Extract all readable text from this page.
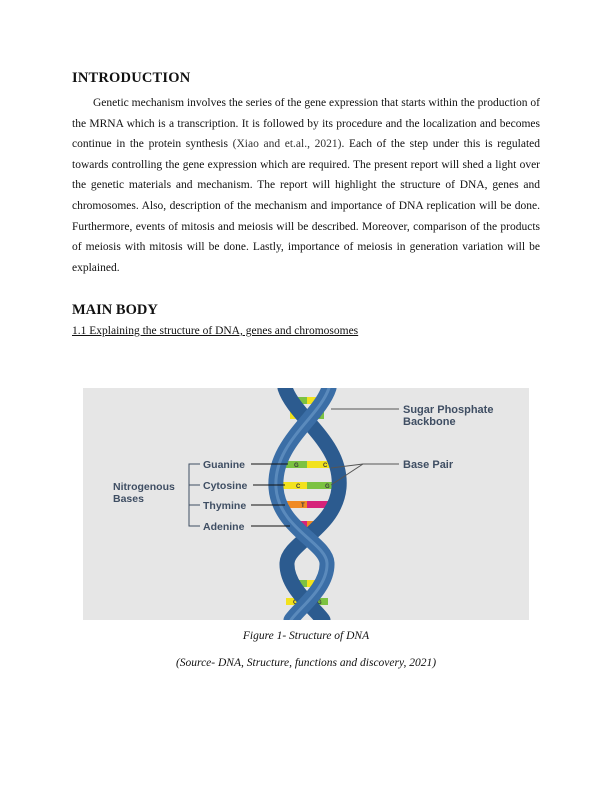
INTRODUCTION

Genetic mechanism involves the series of the gene expression that starts within the production of the MRNA which is a transcription. It is followed by its procedure and the localization and becomes continue in the protein synthesis (Xiao and et.al., 2021). Each of the step under this is regulated towards controlling the gene expression which are required. The present report will shed a light over the genetic materials and mechanism. The report will highlight the structure of DNA, genes and chromosomes. Also, description of the mechanism and importance of DNA replication will be done. Furthermore, events of mitosis and meiosis will be described. Moreover, comparison of the products of meiosis with mitosis will be done. Lastly, importance of meiosis in generation variation will be explained.

MAIN BODY

1.1 Explaining the structure of DNA, genes and chromosomes

G	C
C	G
G	C
C	G
T	A
A	T
G	G
C	G
Nitrogenous
Bases
Guanine
Cytosine
Thymine
Adenine
Sugar Phosphate
Backbone
Base Pair

Figure 1- Structure of DNA

(Source- DNA, Structure, functions and discovery, 2021)
